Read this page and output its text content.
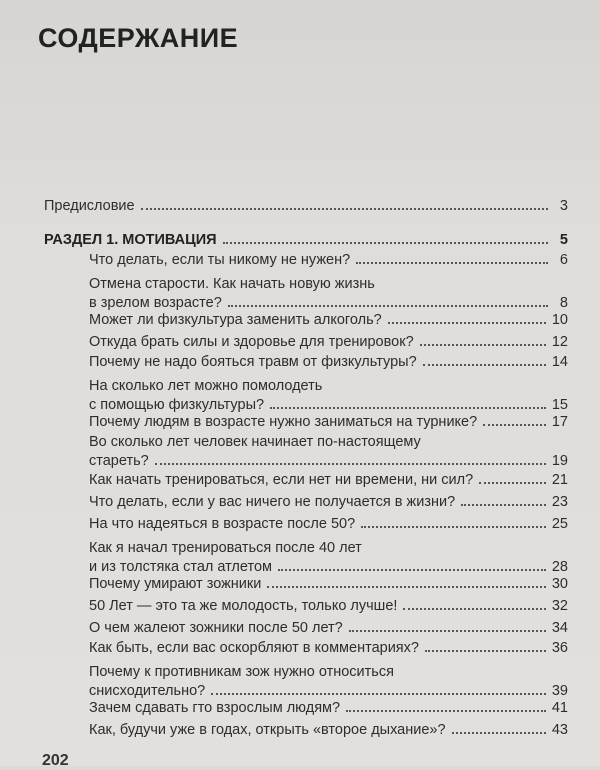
СОДЕРЖАНИЕ
Предисловие	3
РАЗДЕЛ 1. МОТИВАЦИЯ	5
Что делать, если ты никому не нужен?	6
Отмена старости. Как начать новую жизнь
в зрелом возрасте?	8
Может ли физкультура заменить алкоголь?	10
Откуда брать силы и здоровье для тренировок?	12
Почему не надо бояться травм от физкультуры?	14
На сколько лет можно помолодеть
с помощью физкультуры?	15
Почему людям в возрасте нужно заниматься на турнике?	17
Во сколько лет человек начинает по-настоящему
стареть?	19
Как начать тренироваться, если нет ни времени, ни сил?	21
Что делать, если у вас ничего не получается в жизни?	23
На что надеяться в возрасте после 50?	25
Как я начал тренироваться после 40 лет
и из толстяка стал атлетом	28
Почему умирают зожники	30
50 Лет — это та же молодость, только лучше!	32
О чем жалеют зожники после 50 лет?	34
Как быть, если вас оскорбляют в комментариях?	36
Почему к противникам зож нужно относиться
снисходительно?	39
Зачем сдавать гто взрослым людям?	41
Как, будучи уже в годах, открыть «второе дыхание»?	43
202
